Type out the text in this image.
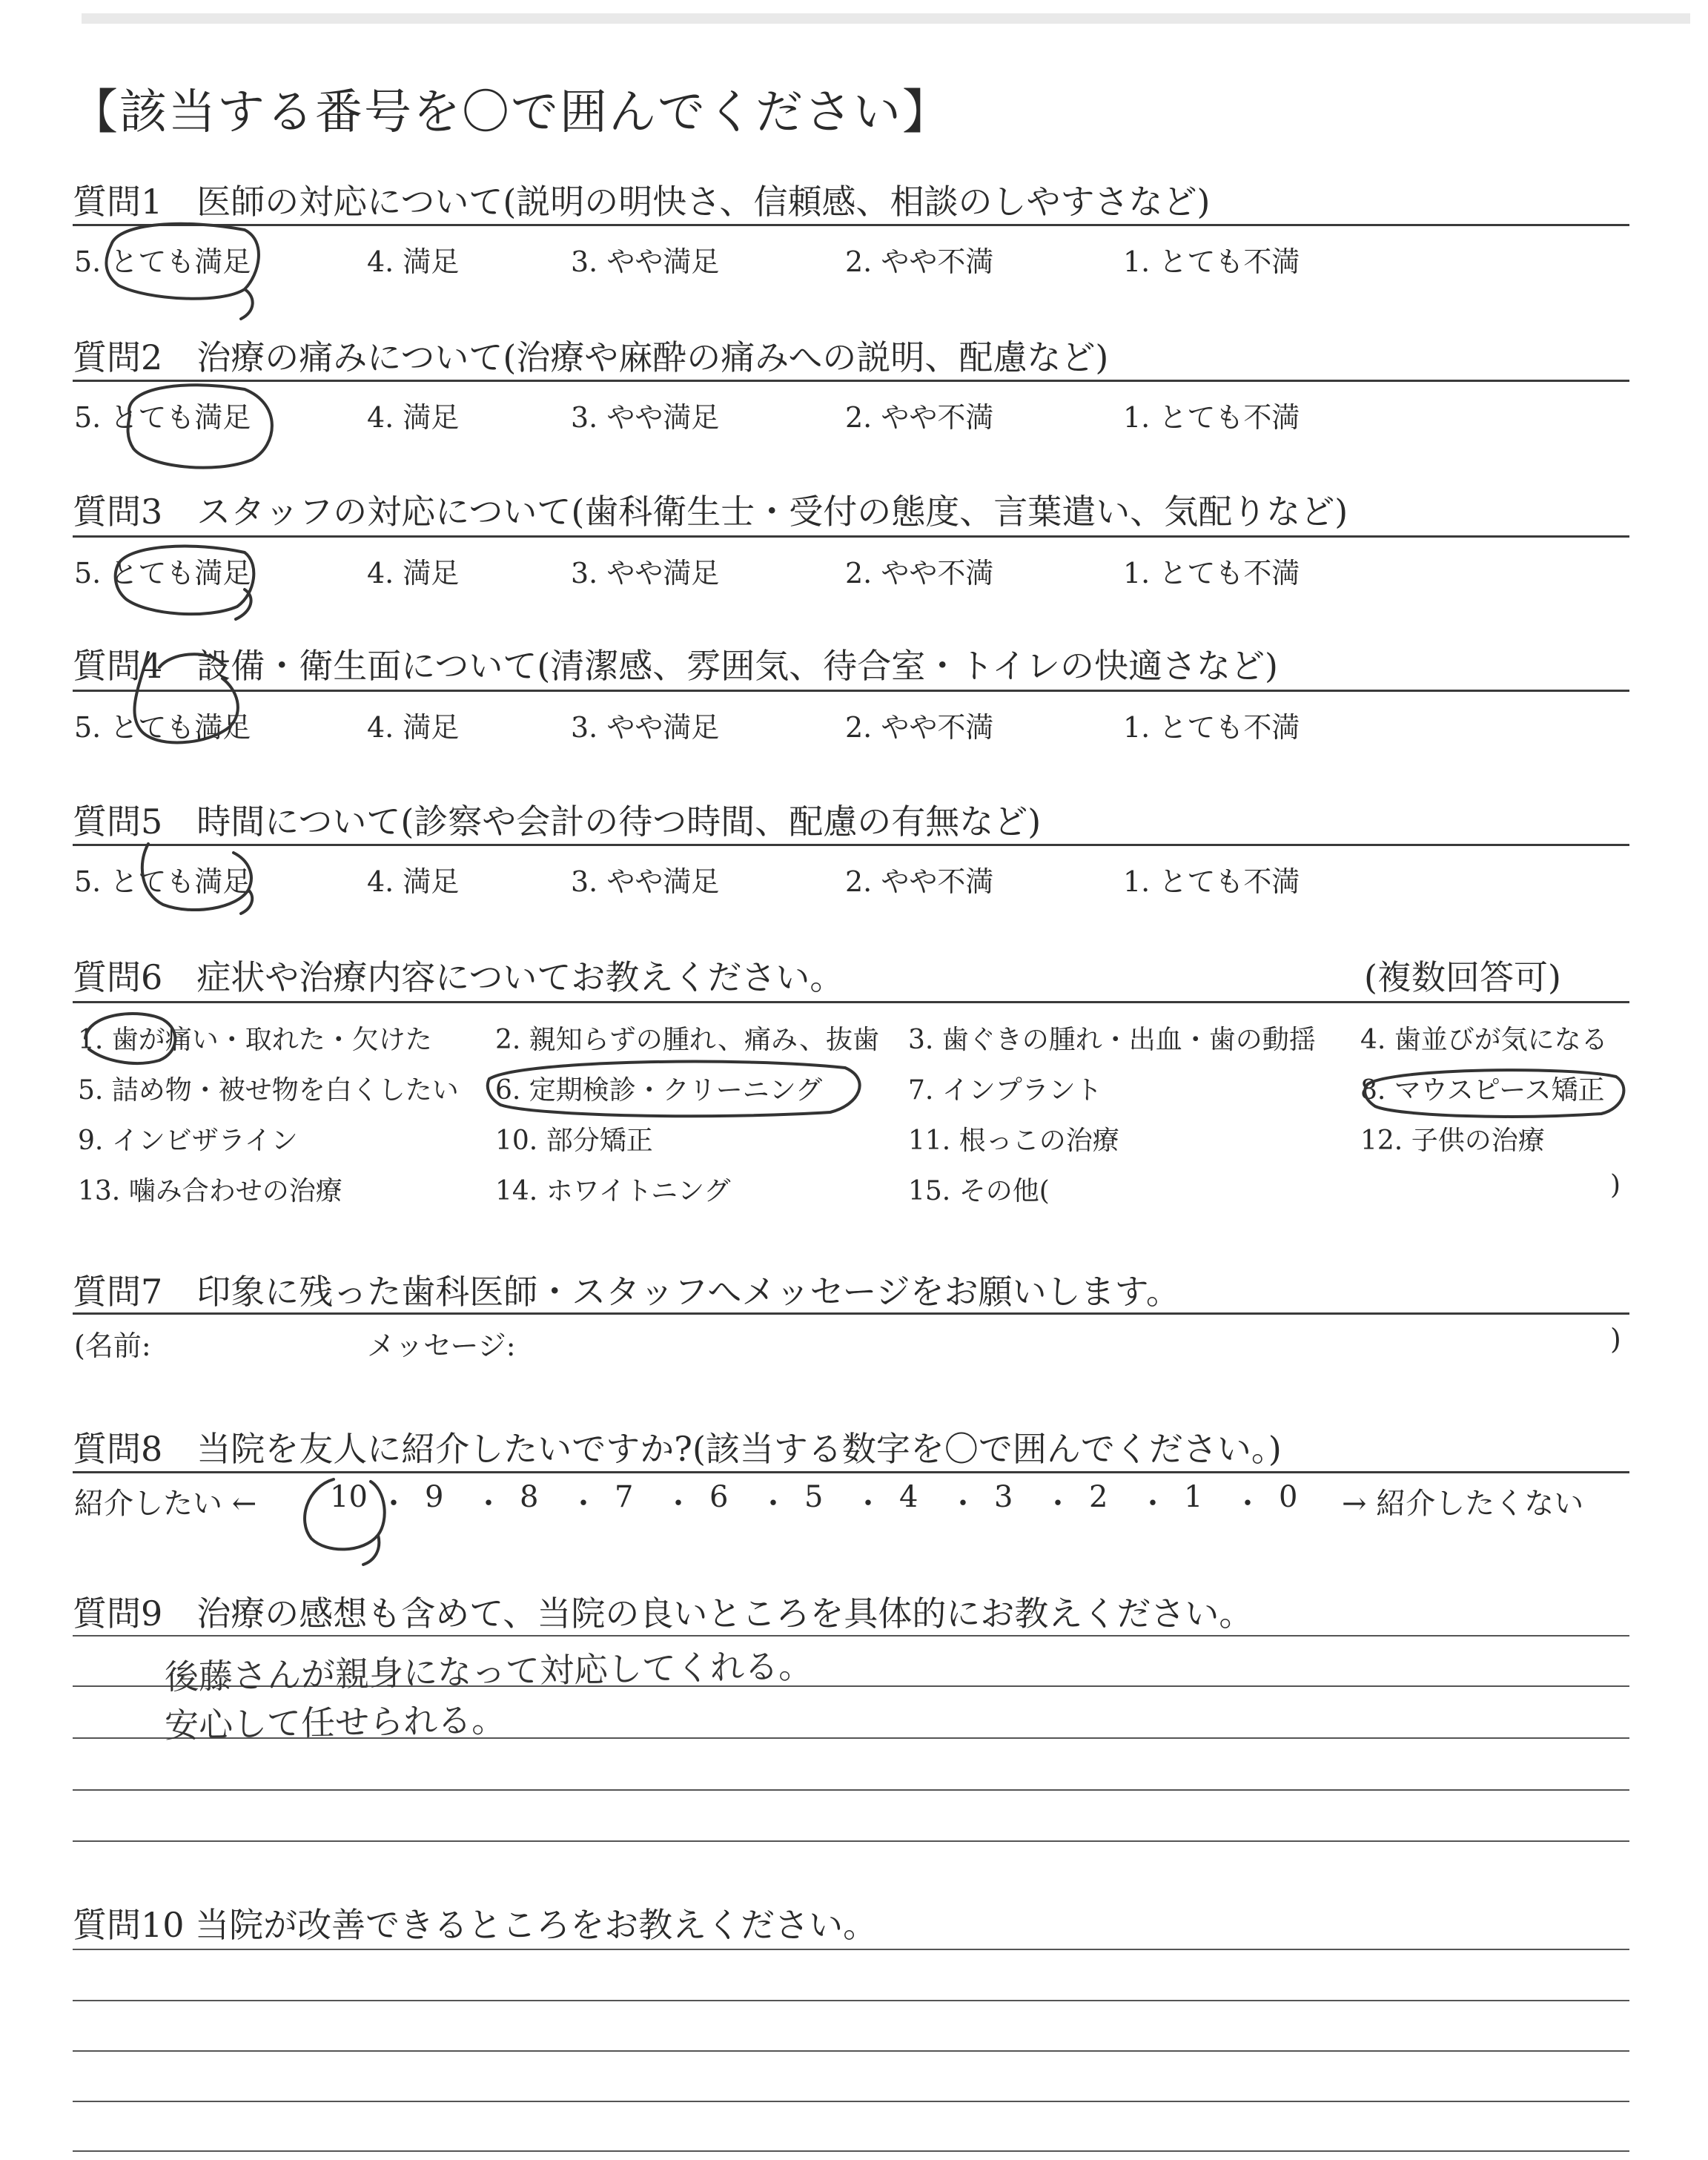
【該当する番号を〇で囲んでください】
質問1　 医師の対応について(説明の明快さ、信頼感、相談のしやすさなど)
5. とても満足	4. 満足	3. やや満足	2. やや不満	1. とても不満
質問2　 治療の痛みについて(治療や麻酔の痛みへの説明、配慮など)
5. とても満足	4. 満足	3. やや満足	2. やや不満	1. とても不満
質問3　 スタッフの対応について(歯科衛生士・受付の態度、言葉遣い、気配りなど)
5. とても満足	4. 満足	3. やや満足	2. やや不満	1. とても不満
質問4　 設備・衛生面について(清潔感、雰囲気、待合室・トイレの快適さなど)
5. とても満足	4. 満足	3. やや満足	2. やや不満	1. とても不満
質問5　 時間について(診察や会計の待つ時間、配慮の有無など)
5. とても満足	4. 満足	3. やや満足	2. やや不満	1. とても不満
質問6　 症状や治療内容についてお教えください。	(複数回答可)
1. 歯が痛い・取れた・欠けた 2. 親知らずの腫れ、痛み、抜歯 3. 歯ぐきの腫れ・出血・歯の動揺 4. 歯並びが気になる
5. 詰め物・被せ物を白くしたい 6. 定期検診・クリーニング	7. インプラント	8. マウスピース矯正
9. インビザライン	10. 部分矯正	11. 根っこの治療	12. 子供の治療
13. 噛み合わせの治療	14. ホワイトニング	15. その他(	)
質問7　 印象に残った歯科医師・スタッフへメッセージをお願いします。
(名前:	メッセージ:	)
質問8　 当院を友人に紹介したいですか?(該当する数字を〇で囲んでください。)
紹介したい ← 10 ・ 9 ・ 8 ・ 7 ・ 6 ・ 5 ・ 4 ・ 3 ・ 2 ・ 1 ・ 0 → 紹介したくない
質問9　 治療の感想も含めて、当院の良いところを具体的にお教えください。
後藤さんが親身になって対応してくれる。
安心して任せられる。
質問10 当院が改善できるところをお教えください。
